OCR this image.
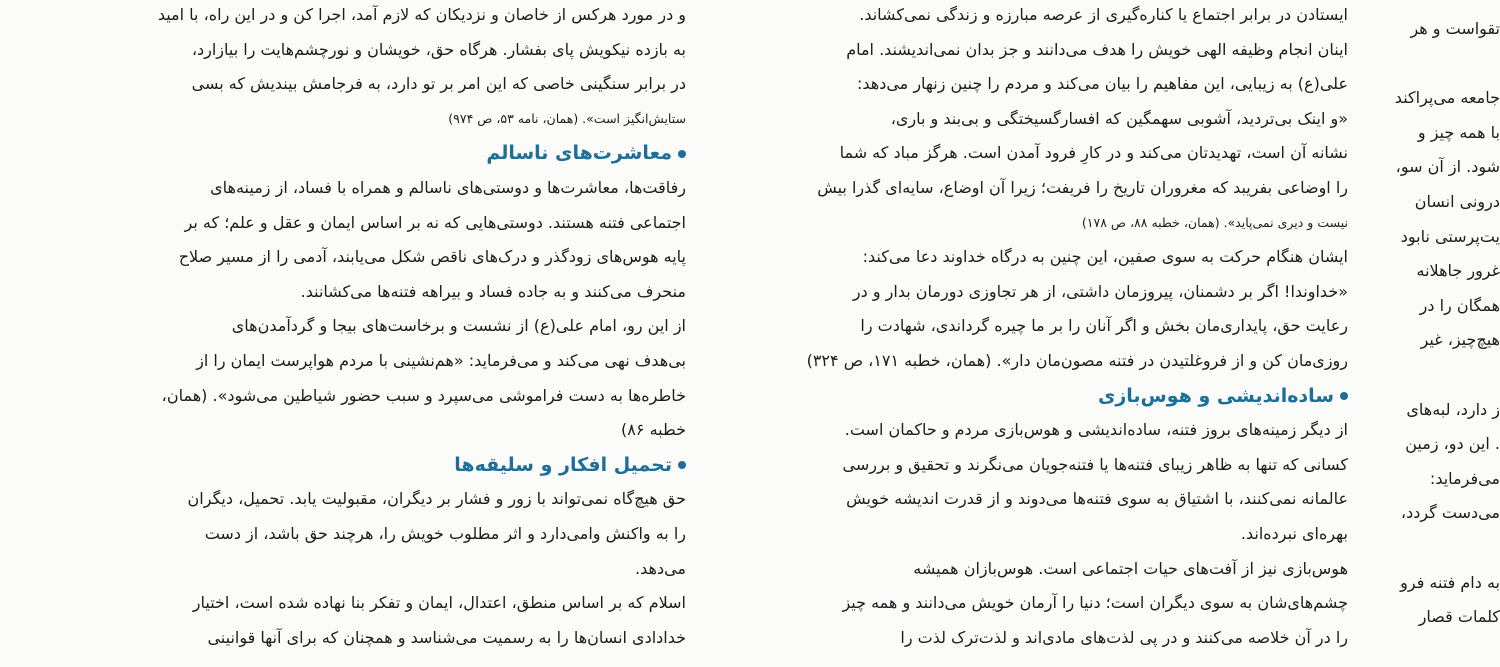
تقواست و هر
جامعه می‌پراکند
با همه چیز و
شود. از آن سو،
درونی انسان
یت‌پرستی نابود
غرور جاهلانه
همگان را در
هیچ‌چیز، غیر
ز دارد، لبه‌های
. این دو، زمین
می‌فرماید:
می‌دست گردد،
به دام فتنه فرو
کلمات قصار
ایستادن در برابر اجتماع یا کناره‌گیری از عرصه مبارزه و زندگی نمی‌کشاند.
اینان انجام وظیفه الهی خویش را هدف می‌دانند و جز بدان نمی‌اندیشند. امام
علی(ع) به زیبایی، این مفاهیم را بیان می‌کند و مردم را چنین زنهار می‌دهد:
«و اینک بی‌تردید، آشوبی سهمگین که افسارگسیختگی و بی‌بند و باری،
نشانه آن است، تهدیدتان می‌کند و در کارِ فرود آمدن است. هرگز مباد که شما
را اوضاعی بفریبد که مغروران تاریخ را فریفت؛ زیرا آن اوضاع، سایه‌ای گذرا بیش
نیست و دیری نمی‌پاید». (همان، خطبه ۸۸، ص ۱۷۸)
ایشان هنگام حرکت به سوی صفین، این چنین به درگاه خداوند دعا می‌کند:
«خداوندا! اگر بر دشمنان، پیروزمان داشتی، از هر تجاوزی دورمان بدار و در
رعایت حق، پایداری‌مان بخش و اگر آنان را بر ما چیره گرداندی، شهادت را
روزی‌مان کن و از فروغلتیدن در فتنه مصون‌مان دار». (همان، خطبه ۱۷۱، ص ۳۲۴)
ساده‌اندیشی و هوس‌بازی
از دیگر زمینه‌های بروز فتنه، ساده‌اندیشی و هوس‌بازی مردم و حاکمان است.
کسانی که تنها به ظاهر زیبای فتنه‌ها یا فتنه‌جویان می‌نگرند و تحقیق و بررسی
عالمانه نمی‌کنند، با اشتیاق به سوی فتنه‌ها می‌دوند و از قدرت اندیشه خویش
بهره‌ای نبرده‌اند.
هوس‌بازی نیز از آفت‌های حیات اجتماعی است. هوس‌بازان همیشه
چشم‌های‌شان به سوی دیگران است؛ دنیا را آرمان خویش می‌دانند و همه چیز
را در آن خلاصه می‌کنند و در پی لذت‌های مادی‌اند و لذت‌ترک لذت را
و در مورد هرکس از خاصان و نزدیکان که لازم آمد، اجرا کن و در این راه، با امید
به بازده نیکویش پای بفشار. هرگاه حق، خویشان و نورچشم‌هایت را بیازارد،
در برابر سنگینی خاصی که این امر بر تو دارد، به فرجامش بیندیش که بسی
ستایش‌انگیز است». (همان، نامه ۵۳، ص ۹۷۴)
معاشرت‌های ناسالم
رفاقت‌ها، معاشرت‌ها و دوستی‌های ناسالم و همراه با فساد، از زمینه‌های
اجتماعی فتنه هستند. دوستی‌هایی که نه بر اساس ایمان و عقل و علم؛ که بر
پایه هوس‌های زودگذر و درک‌های ناقص شکل می‌یابند، آدمی را از مسیر صلاح
منحرف می‌کنند و به جاده فساد و بیراهه فتنه‌ها می‌کشانند.
از این رو، امام علی(ع) از نشست و برخاست‌های بیجا و گردآمدن‌های
بی‌هدف نهی می‌کند و می‌فرماید: «هم‌نشینی با مردم هواپرست ایمان را از
خاطره‌ها به دست فراموشی می‌سپرد و سبب حضور شیاطین می‌شود». (همان،
خطبه ۸۶)
تحمیل افکار و سلیقه‌ها
حق هیچ‌گاه نمی‌تواند با زور و فشار بر دیگران، مقبولیت یابد. تحمیل، دیگران
را به واکنش وامی‌دارد و اثر مطلوب خویش را، هرچند حق باشد، از دست
می‌دهد.
اسلام که بر اساس منطق، اعتدال، ایمان و تفکر بنا نهاده شده است، اختیار
خدادادی انسان‌ها را به رسمیت می‌شناسد و همچنان که برای آنها قوانینی
